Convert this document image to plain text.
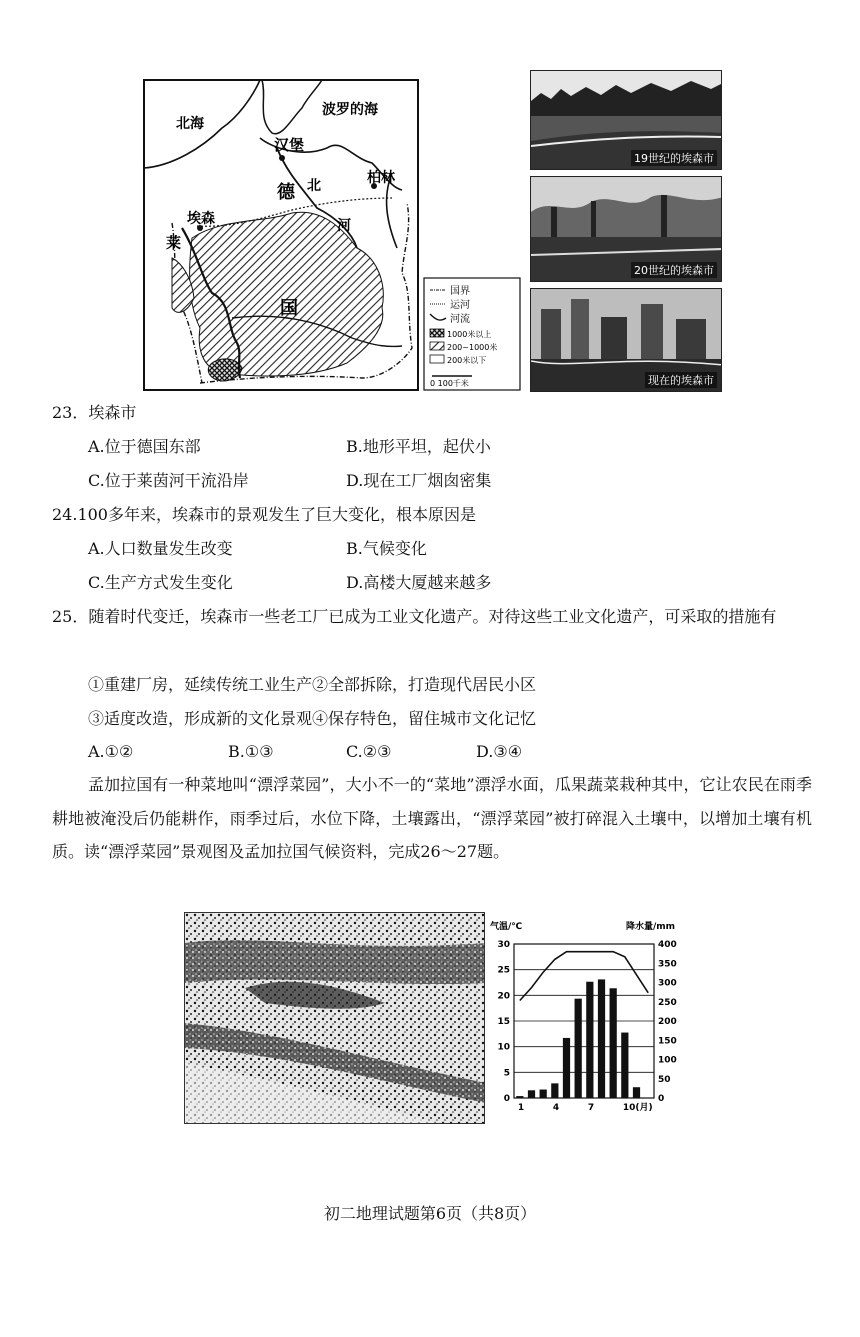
北海
波罗的海
汉堡
柏林
埃森
莱
德
国
北
河
国界
运河
河流
1000米以上
200~1000米
200米以下
0 100千米
19世纪的埃森市
20世纪的埃森市
现在的埃森市
23．埃森市
A.位于德国东部	B.地形平坦，起伏小
C.位于莱茵河干流沿岸	D.现在工厂烟囱密集
24.100多年来，埃森市的景观发生了巨大变化，根本原因是
A.人口数量发生改变	B.气候变化
C.生产方式发生变化	D.高楼大厦越来越多
25．随着时代变迁，埃森市一些老工厂已成为工业文化遗产。对待这些工业文化遗产，可采取的措施有
①重建厂房，延续传统工业生产②全部拆除，打造现代居民小区
③适度改造，形成新的文化景观④保存特色，留住城市文化记忆
A.①②	B.①③	C.②③	D.③④
孟加拉国有一种菜地叫“漂浮菜园”，大小不一的“菜地”漂浮水面，瓜果蔬菜栽种其中，它让农民在雨季耕地被淹没后仍能耕作，雨季过后，水位下降，土壤露出，“漂浮菜园”被打碎混入土壤中，以增加土壤有机质。读“漂浮菜园”景观图及孟加拉国气候资料，完成26～27题。
气温/℃	降水量/mm
30
25
20
15
10
5
0
400
350
300
250
200
150
100
50
0
1	4	7	10(月)
初二地理试题第6页（共8页）
